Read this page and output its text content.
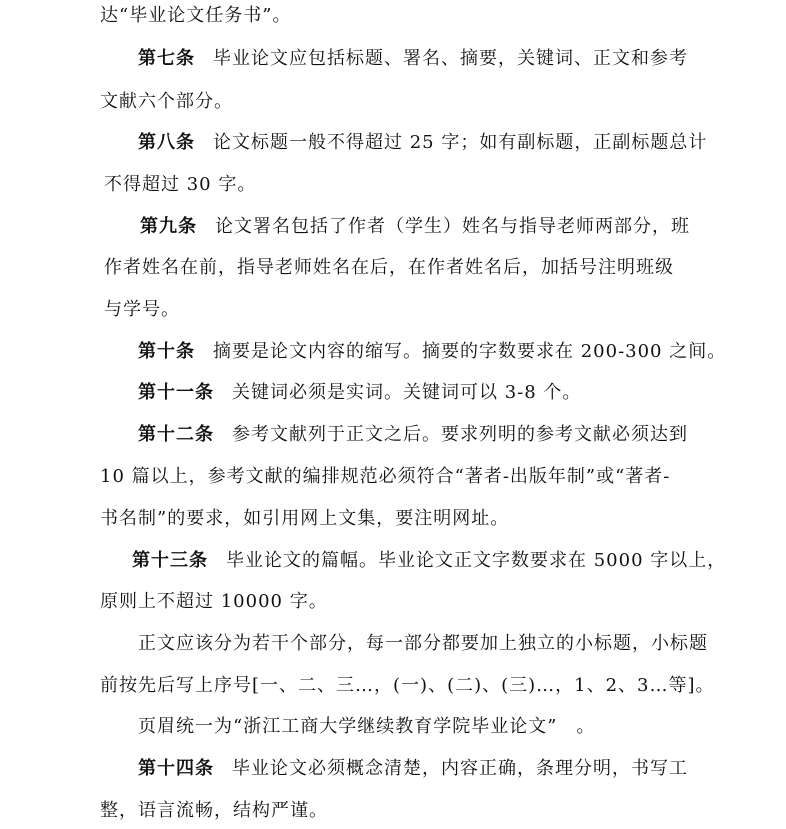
达“毕业论文任务书”。
第七条 毕业论文应包括标题、署名、摘要，关键词、正文和参考
文献六个部分。
第八条 论文标题一般不得超过 25 字；如有副标题，正副标题总计
不得超过 30 字。
第九条 论文署名包括了作者（学生）姓名与指导老师两部分，班
作者姓名在前，指导老师姓名在后，在作者姓名后，加括号注明班级
与学号。
第十条 摘要是论文内容的缩写。摘要的字数要求在 200-300 之间。
第十一条 关键词必须是实词。关键词可以 3-8 个。
第十二条 参考文献列于正文之后。要求列明的参考文献必须达到
10 篇以上，参考文献的编排规范必须符合“著者-出版年制”或“著者-
书名制”的要求，如引用网上文集，要注明网址。
第十三条 毕业论文的篇幅。毕业论文正文字数要求在 5000 字以上，
原则上不超过 10000 字。
正文应该分为若干个部分，每一部分都要加上独立的小标题，小标题
前按先后写上序号[一、二、三…，(一)、(二)、(三)…，1、2、3…等]。
页眉统一为“浙江工商大学继续教育学院毕业论文”　。
第十四条 毕业论文必须概念清楚，内容正确，条理分明，书写工
整，语言流畅，结构严谨。
